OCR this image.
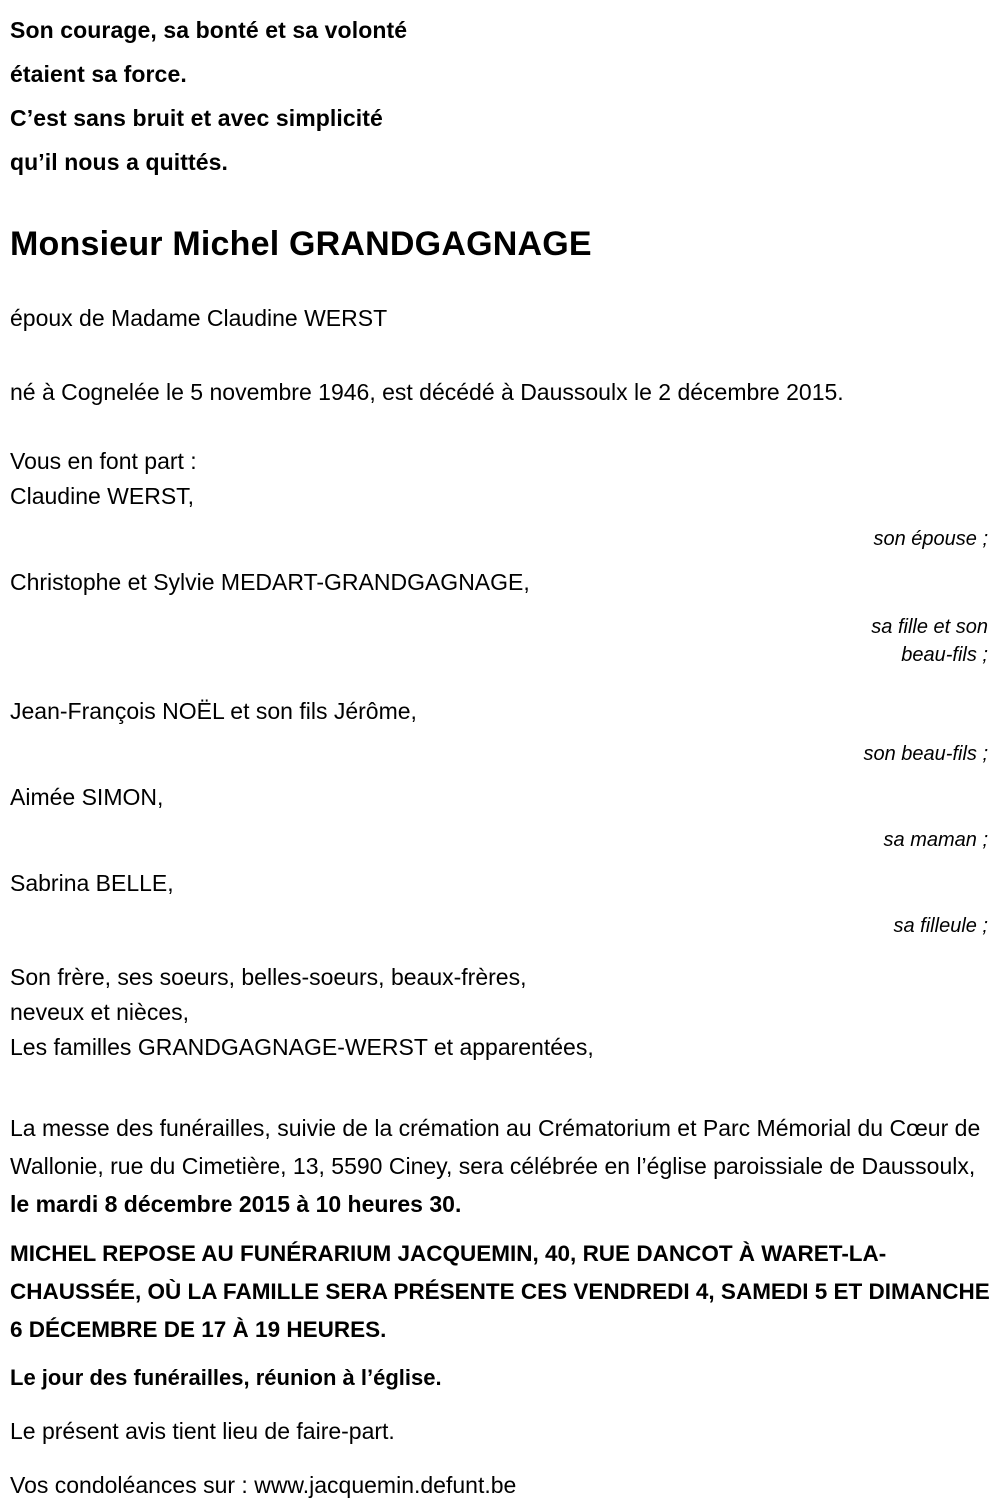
Son courage, sa bonté et sa volonté
étaient sa force.
C’est sans bruit et avec simplicité
qu’il nous a quittés.
Monsieur Michel GRANDGAGNAGE
époux de Madame Claudine WERST
né à Cognelée le 5 novembre 1946, est décédé à Daussoulx le 2 décembre 2015.
Vous en font part :
Claudine WERST,
son épouse ;
Christophe et Sylvie MEDART-GRANDGAGNAGE,
sa fille et son
beau-fils ;
Jean-François NOËL et son fils Jérôme,
son beau-fils ;
Aimée SIMON,
sa maman ;
Sabrina BELLE,
sa filleule ;
Son frère, ses soeurs, belles-soeurs, beaux-frères,
neveux et nièces,
Les familles GRANDGAGNAGE-WERST et apparentées,
La messe des funérailles, suivie de la crémation au Crématorium et Parc Mémorial du Cœur de Wallonie, rue du Cimetière, 13, 5590 Ciney, sera célébrée en l’église paroissiale de Daussoulx, le mardi 8 décembre 2015 à 10 heures 30.
MICHEL REPOSE AU FUNÉRARIUM JACQUEMIN, 40, RUE DANCOT À WARET-LA-CHAUSSÉE, OÙ LA FAMILLE SERA PRÉSENTE CES VENDREDI 4, SAMEDI 5 ET DIMANCHE 6 DÉCEMBRE DE 17 À 19 HEURES.
Le jour des funérailles, réunion à l’église.
Le présent avis tient lieu de faire-part.
Vos condoléances sur : www.jacquemin.defunt.be
